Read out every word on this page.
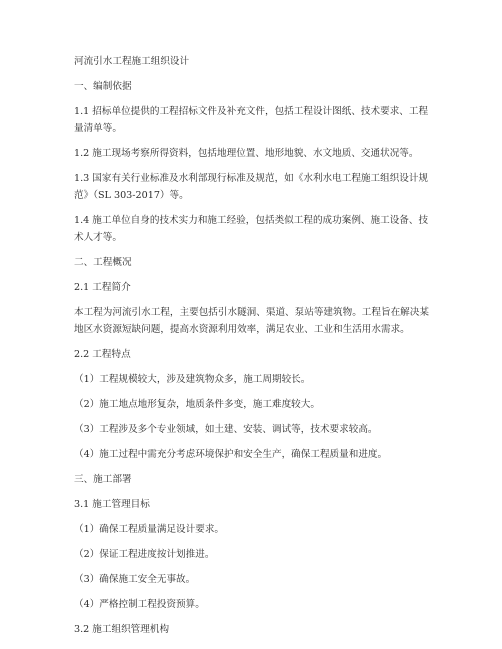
河流引水工程施工组织设计

一、编制依据

1.1 招标单位提供的工程招标文件及补充文件，包括工程设计图纸、技术要求、工程量清单等。

1.2 施工现场考察所得资料，包括地理位置、地形地貌、水文地质、交通状况等。

1.3 国家有关行业标准及水利部现行标准及规范，如《水利水电工程施工组织设计规范》（SL 303-2017）等。

1.4 施工单位自身的技术实力和施工经验，包括类似工程的成功案例、施工设备、技术人才等。

二、工程概况

2.1 工程简介

本工程为河流引水工程，主要包括引水隧洞、渠道、泵站等建筑物。工程旨在解决某地区水资源短缺问题，提高水资源利用效率，满足农业、工业和生活用水需求。

2.2 工程特点

（1）工程规模较大，涉及建筑物众多，施工周期较长。

（2）施工地点地形复杂，地质条件多变，施工难度较大。

（3）工程涉及多个专业领域，如土建、安装、调试等，技术要求较高。

（4）施工过程中需充分考虑环境保护和安全生产，确保工程质量和进度。

三、施工部署

3.1 施工管理目标

（1）确保工程质量满足设计要求。

（2）保证工程进度按计划推进。

（3）确保施工安全无事故。

（4）严格控制工程投资预算。

3.2 施工组织管理机构
